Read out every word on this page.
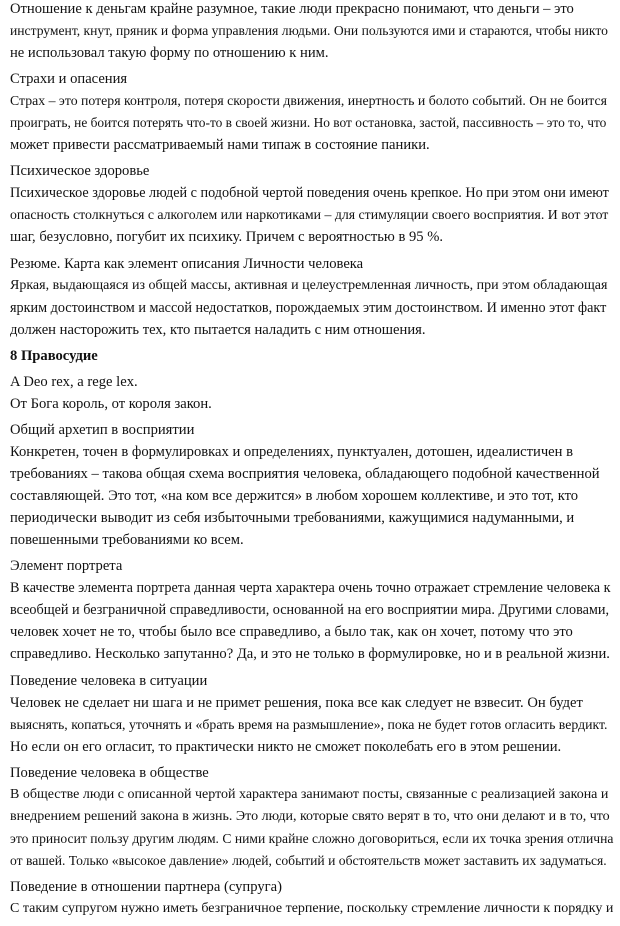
Отношение к деньгам крайне разумное, такие люди прекрасно понимают, что деньги – это
инструмент, кнут, пряник и форма управления людьми. Они пользуются ими и стараются, чтобы никто
не использовал такую форму по отношению к ним.
Страхи и опасения
Страх – это потеря контроля, потеря скорости движения, инертность и болото событий. Он не боится
проиграть, не боится потерять что-то в своей жизни. Но вот остановка, застой, пассивность – это то, что
может привести рассматриваемый нами типаж в состояние паники.
Психическое здоровье
Психическое здоровье людей с подобной чертой поведения очень крепкое. Но при этом они имеют
опасность столкнуться с алкоголем или наркотиками – для стимуляции своего восприятия. И вот этот
шаг, безусловно, погубит их психику. Причем с вероятностью в 95 %.
Резюме. Карта как элемент описания Личности человека
Яркая, выдающаяся из общей массы, активная и целеустремленная личность, при этом обладающая
ярким достоинством и массой недостатков, порождаемых этим достоинством. И именно этот факт
должен насторожить тех, кто пытается наладить с ним отношения.
8 Правосудие
A Deo rex, a rege lex.
От Бога король, от короля закон.
Общий архетип в восприятии
Конкретен, точен в формулировках и определениях, пунктуален, дотошен, идеалистичен в
требованиях – такова общая схема восприятия человека, обладающего подобной качественной
составляющей. Это тот, «на ком все держится» в любом хорошем коллективе, и это тот, кто
периодически выводит из себя избыточными требованиями, кажущимися надуманными, и
повешенными требованиями ко всем.
Элемент портрета
В качестве элемента портрета данная черта характера очень точно отражает стремление человека к
всеобщей и безграничной справедливости, основанной на его восприятии мира. Другими словами,
человек хочет не то, чтобы было все справедливо, а было так, как он хочет, потому что это
справедливо. Несколько запутанно? Да, и это не только в формулировке, но и в реальной жизни.
Поведение человека в ситуации
Человек не сделает ни шага и не примет решения, пока все как следует не взвесит. Он будет
выяснять, копаться, уточнять и «брать время на размышление», пока не будет готов огласить вердикт.
Но если он его огласит, то практически никто не сможет поколебать его в этом решении.
Поведение человека в обществе
В обществе люди с описанной чертой характера занимают посты, связанные с реализацией закона и
внедрением решений закона в жизнь. Это люди, которые свято верят в то, что они делают и в то, что
это приносит пользу другим людям. С ними крайне сложно договориться, если их точка зрения отлична
от вашей. Только «высокое давление» людей, событий и обстоятельств может заставить их задуматься.
Поведение в отношении партнера (супруга)
С таким супругом нужно иметь безграничное терпение, поскольку стремление личности к порядку и
